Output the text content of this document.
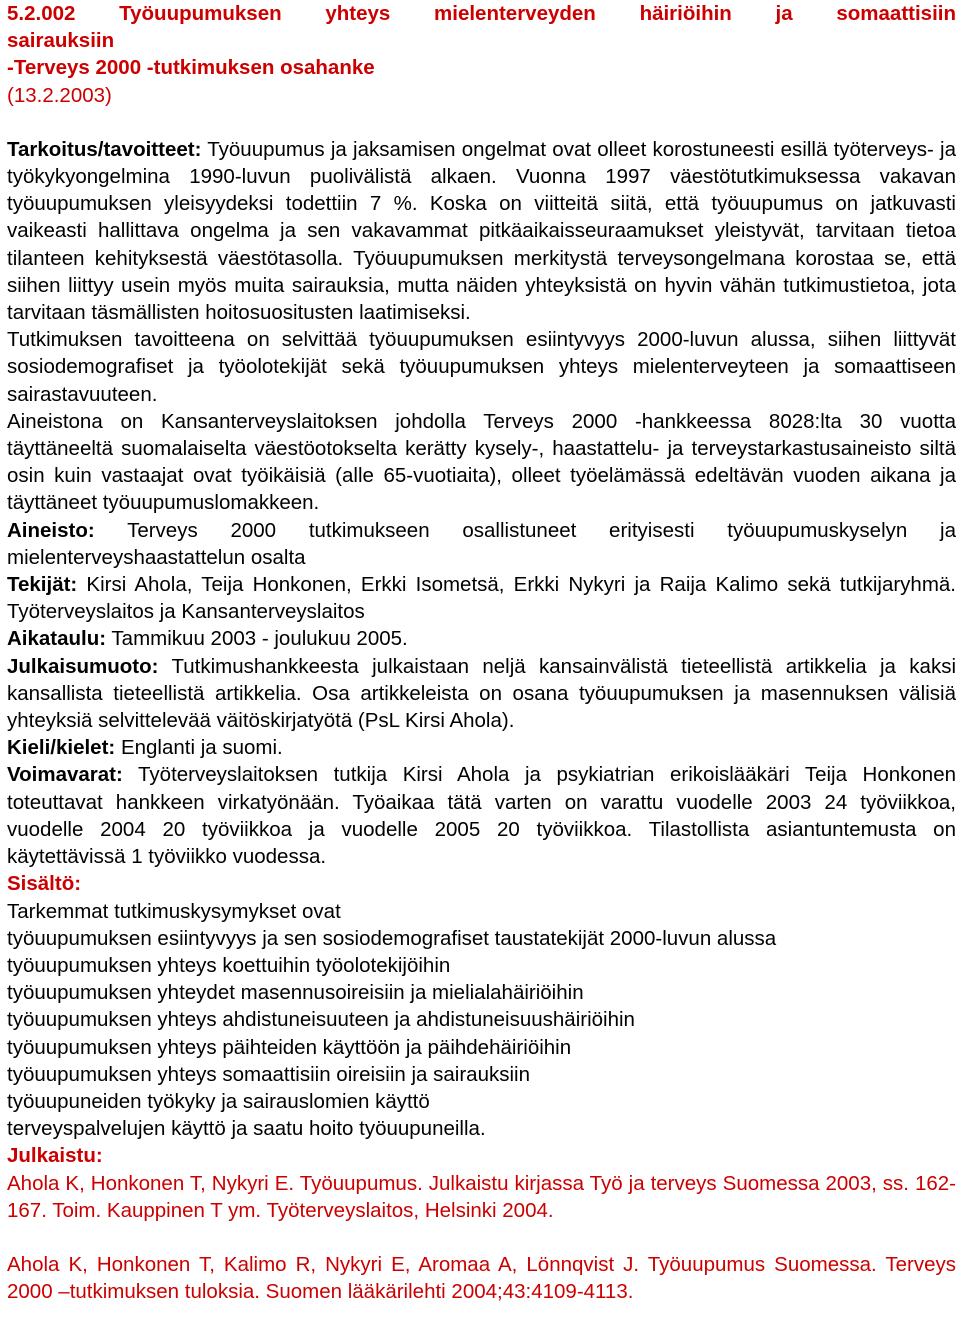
5.2.002 Työuupumuksen yhteys mielenterveyden häiriöihin ja somaattisiin
sairauksiin

-Terveys 2000 -tutkimuksen osahanke

(13.2.2003)

Tarkoitus/tavoitteet: Työuupumus ja jaksamisen ongelmat ovat olleet korostuneesti esillä työterveys- ja työkykyongelmina 1990-luvun puolivälistä alkaen. Vuonna 1997 väestötutkimuksessa vakavan työuupumuksen yleisyydeksi todettiin 7 %. Koska on viitteitä siitä, että työuupumus on jatkuvasti vaikeasti hallittava ongelma ja sen vakavammat pitkäaikaisseuraamukset yleistyvät, tarvitaan tietoa tilanteen kehityksestä väestötasolla. Työuupumuksen merkitystä terveysongelmana korostaa se, että siihen liittyy usein myös muita sairauksia, mutta näiden yhteyksistä on hyvin vähän tutkimustietoa, jota tarvitaan täsmällisten hoitosuositusten laatimiseksi.

Tutkimuksen tavoitteena on selvittää työuupumuksen esiintyvyys 2000-luvun alussa, siihen liittyvät sosiodemografiset ja työolotekijät sekä työuupumuksen yhteys mielenterveyteen ja somaattiseen sairastavuuteen.

Aineistona on Kansanterveyslaitoksen johdolla Terveys 2000 -hankkeessa 8028:lta 30 vuotta täyttäneeltä suomalaiselta väestöotokselta kerätty kysely-, haastattelu- ja terveystarkastusaineisto siltä osin kuin vastaajat ovat työikäisiä (alle 65-vuotiaita), olleet työelämässä edeltävän vuoden aikana ja täyttäneet työuupumuslomakkeen.

Aineisto: Terveys 2000 tutkimukseen osallistuneet erityisesti työuupumuskyselyn ja mielenterveyshaastattelun osalta

Tekijät: Kirsi Ahola, Teija Honkonen, Erkki Isometsä, Erkki Nykyri ja Raija Kalimo sekä tutkijaryhmä. Työterveyslaitos ja Kansanterveyslaitos

Aikataulu: Tammikuu 2003 - joulukuu 2005.

Julkaisumuoto: Tutkimushankkeesta julkaistaan neljä kansainvälistä tieteellistä artikkelia ja kaksi kansallista tieteellistä artikkelia. Osa artikkeleista on osana työuupumuksen ja masennuksen välisiä yhteyksiä selvittelevää väitöskirjatyötä (PsL Kirsi Ahola).

Kieli/kielet: Englanti ja suomi.

Voimavarat: Työterveyslaitoksen tutkija Kirsi Ahola ja psykiatrian erikoislääkäri Teija Honkonen toteuttavat hankkeen virkatyönään. Työaikaa tätä varten on varattu vuodelle 2003 24 työviikkoa, vuodelle 2004 20 työviikkoa ja vuodelle 2005 20 työviikkoa. Tilastollista asiantuntemusta on käytettävissä 1 työviikko vuodessa.

Sisältö:

Tarkemmat tutkimuskysymykset ovat

työuupumuksen esiintyvyys ja sen sosiodemografiset taustatekijät 2000-luvun alussa
työuupumuksen yhteys koettuihin työolotekijöihin
työuupumuksen yhteydet masennusoireisiin ja mielialahäiriöihin
työuupumuksen yhteys ahdistuneisuuteen ja ahdistuneisuushäiriöihin
työuupumuksen yhteys päihteiden käyttöön ja päihdehäiriöihin
työuupumuksen yhteys somaattisiin oireisiin ja sairauksiin
työuupuneiden työkyky ja sairauslomien käyttö
terveyspalvelujen käyttö ja saatu hoito työuupuneilla.

Julkaistu:

Ahola K, Honkonen T, Nykyri E. Työuupumus. Julkaistu kirjassa Työ ja terveys Suomessa 2003, ss. 162-167. Toim. Kauppinen T ym. Työterveyslaitos, Helsinki 2004.

Ahola K, Honkonen T, Kalimo R, Nykyri E, Aromaa A, Lönnqvist J. Työuupumus Suomessa. Terveys 2000 –tutkimuksen tuloksia. Suomen lääkärilehti 2004;43:4109-4113.
